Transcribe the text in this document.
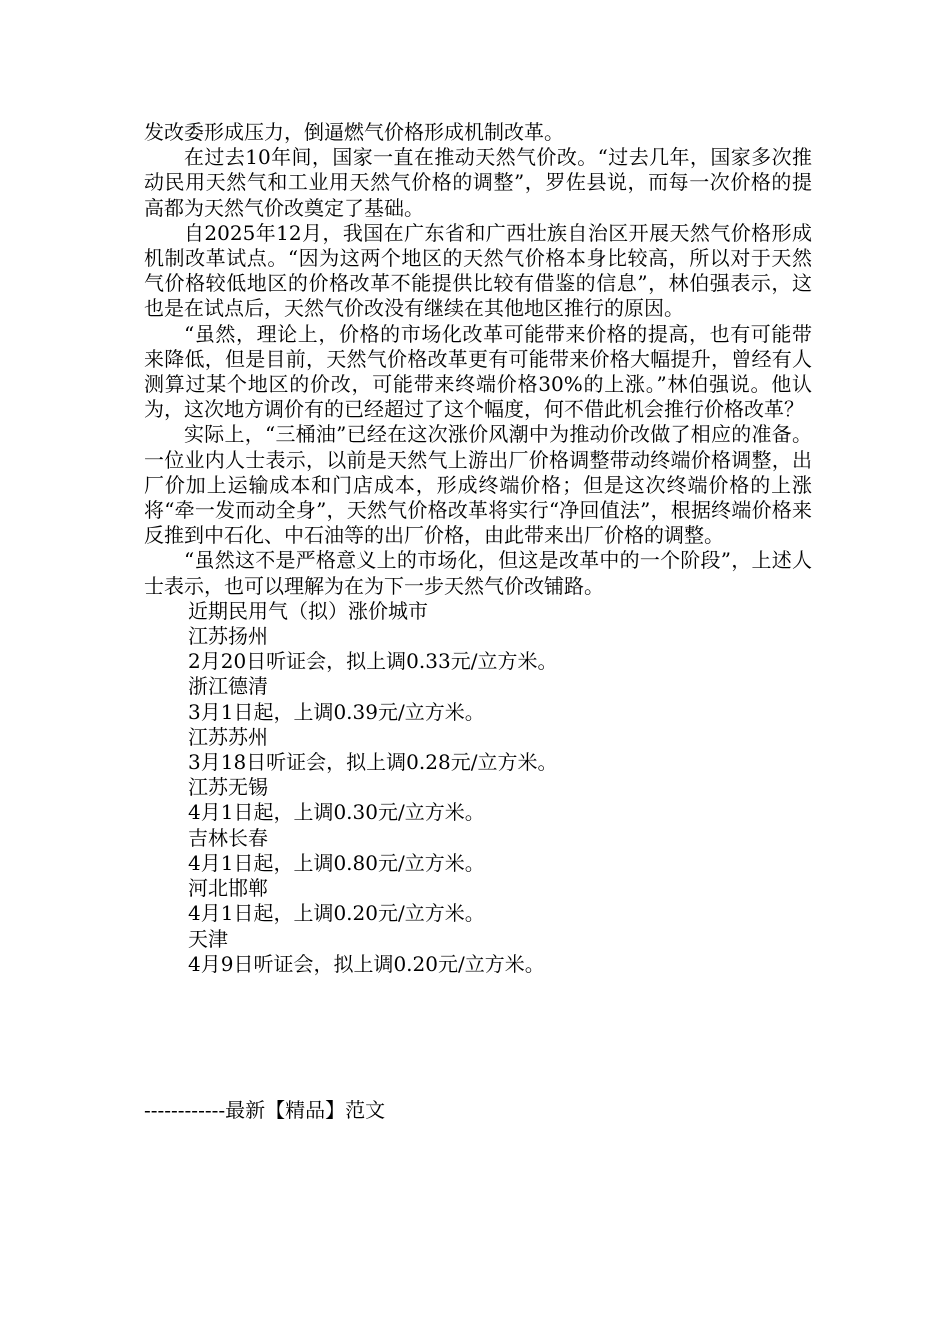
发改委形成压力，倒逼燃气价格形成机制改革。

在过去10年间，国家一直在推动天然气价改。“过去几年，国家多次推动民用天然气和工业用天然气价格的调整”，罗佐县说，而每一次价格的提高都为天然气价改奠定了基础。

自2025年12月，我国在广东省和广西壮族自治区开展天然气价格形成机制改革试点。“因为这两个地区的天然气价格本身比较高，所以对于天然气价格较低地区的价格改革不能提供比较有借鉴的信息”，林伯强表示，这也是在试点后，天然气价改没有继续在其他地区推行的原因。

“虽然，理论上，价格的市场化改革可能带来价格的提高，也有可能带来降低，但是目前，天然气价格改革更有可能带来价格大幅提升，曾经有人测算过某个地区的价改，可能带来终端价格30%的上涨。”林伯强说。他认为，这次地方调价有的已经超过了这个幅度，何不借此机会推行价格改革？

实际上，“三桶油”已经在这次涨价风潮中为推动价改做了相应的准备。一位业内人士表示，以前是天然气上游出厂价格调整带动终端价格调整，出厂价加上运输成本和门店成本，形成终端价格；但是这次终端价格的上涨将“牵一发而动全身”，天然气价格改革将实行“净回值法”，根据终端价格来反推到中石化、中石油等的出厂价格，由此带来出厂价格的调整。

“虽然这不是严格意义上的市场化，但这是改革中的一个阶段”，上述人士表示，也可以理解为在为下一步天然气价改铺路。

近期民用气（拟）涨价城市
江苏扬州
2月20日听证会，拟上调0.33元/立方米。
浙江德清
3月1日起，上调0.39元/立方米。
江苏苏州
3月18日听证会，拟上调0.28元/立方米。
江苏无锡
4月1日起，上调0.30元/立方米。
吉林长春
4月1日起，上调0.80元/立方米。
河北邯郸
4月1日起，上调0.20元/立方米。
天津
4月9日听证会，拟上调0.20元/立方米。
------------最新【精品】范文
